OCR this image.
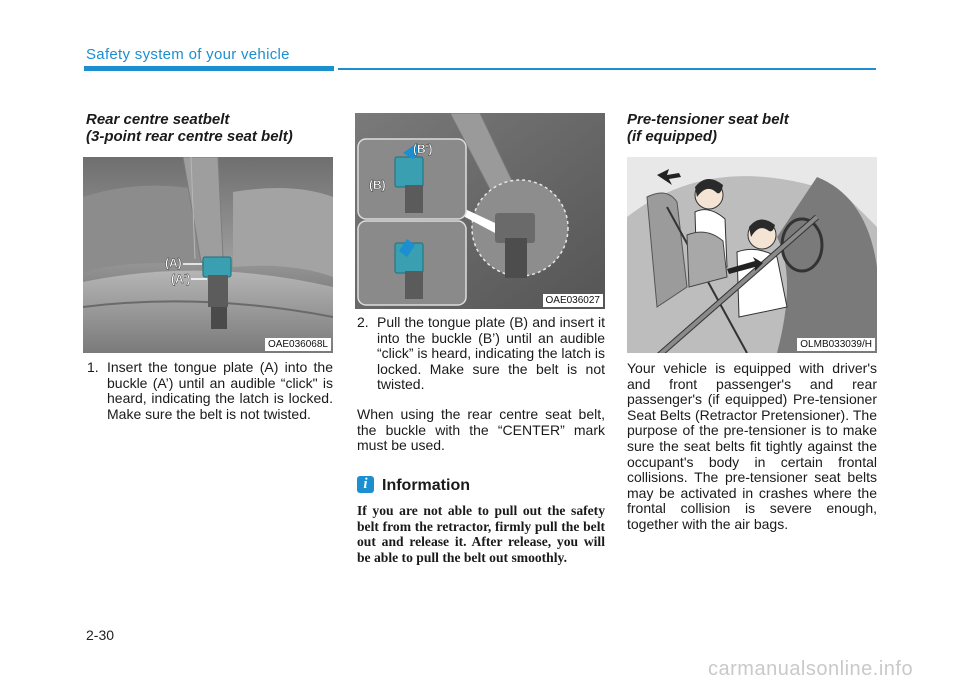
Safety system of your vehicle
Rear centre seatbelt
(3-point rear centre seat belt)
(A)
(A')
OAE036068L
1. Insert the tongue plate (A) into the buckle (A’) until an audible “click" is heard, indicating the latch is locked. Make sure the belt is not twisted.
(B)
(B')
OAE036027
2. Pull the tongue plate (B) and insert it into the buckle (B’) until an audible “click” is heard, indicating the latch is locked. Make sure the belt is not twisted.
When using the rear centre seat belt, the buckle with the “CENTER” mark must be used.
i Information
If you are not able to pull out the safety belt from the retractor, firmly pull the belt out and release it. After release, you will be able to pull the belt out smoothly.
Pre-tensioner seat belt
(if equipped)
OLMB033039/H
Your vehicle is equipped with driver's and front passenger's and rear passenger's (if equipped) Pre-tensioner Seat Belts (Retractor Pretensioner). The purpose of the pre-tensioner is to make sure the seat belts fit tightly against the occupant's body in certain frontal collisions. The pre-tensioner seat belts may be activated in crashes where the frontal collision is severe enough, together with the air bags.
2-30
carmanualsonline.info
